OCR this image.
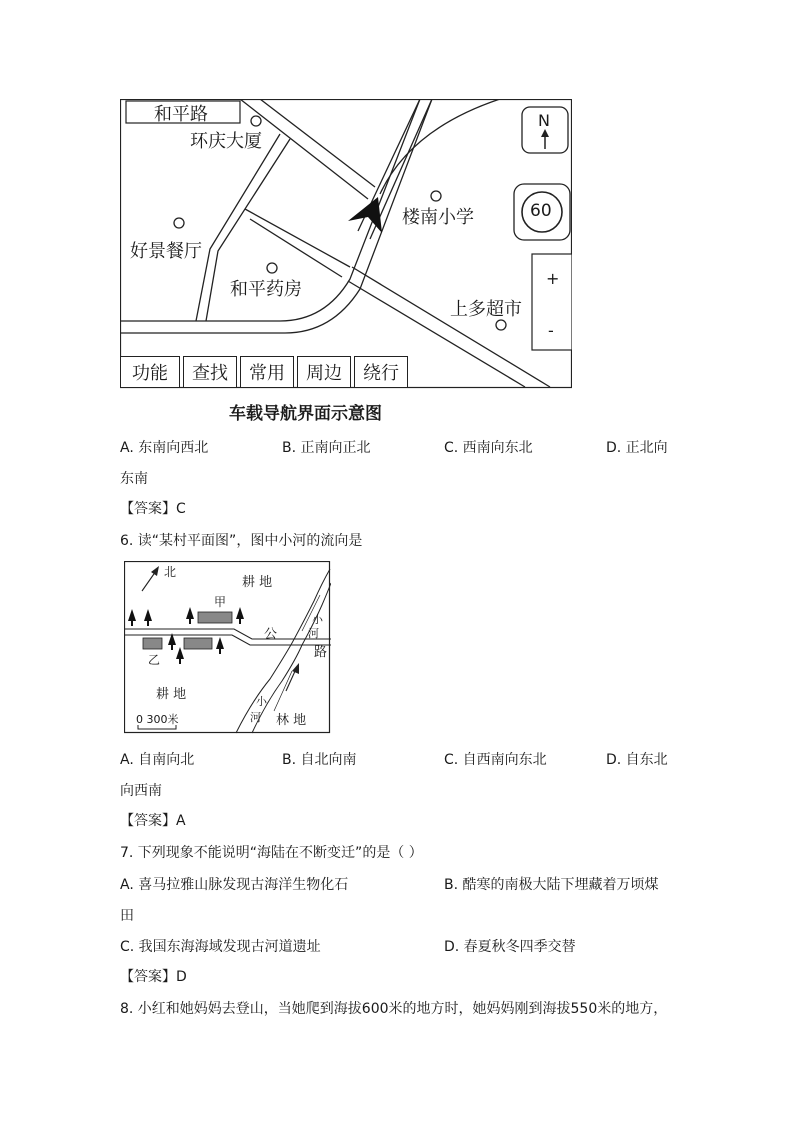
和平路
环庆大厦
好景餐厅
和平药房
楼南小学
上多超市
N
60
+
-
功能	查找	常用	周边	绕行
车载导航界面示意图
A. 东南向西北	B. 正南向正北	C. 西南向东北	D. 正北向
东南
【答案】C
6. 读“某村平面图”，图中小河的流向是
北
耕 地
甲
乙
公
路
小
河
小
河
耕 地
林 地
0 300米
A. 自南向北	B. 自北向南	C. 自西南向东北	D. 自东北
向西南
【答案】A
7. 下列现象不能说明“海陆在不断变迁”的是（ ）
A. 喜马拉雅山脉发现古海洋生物化石	B. 酷寒的南极大陆下埋藏着万顷煤
田
C. 我国东海海域发现古河道遗址	D. 春夏秋冬四季交替
【答案】D
8. 小红和她妈妈去登山，当她爬到海拔600米的地方时，她妈妈刚到海拔550米的地方，
